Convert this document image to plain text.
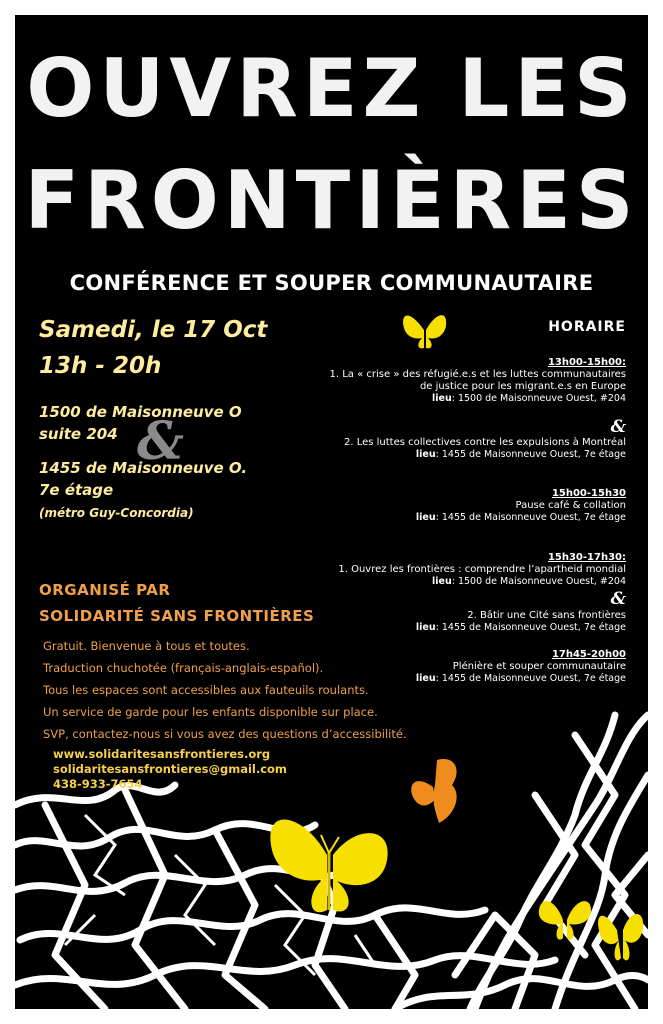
OUVREZ LES
FRONTIÈRES
CONFÉRENCE ET SOUPER COMMUNAUTAIRE
Samedi, le 17 Oct
13h - 20h
1500 de Maisonneuve O
suite 204 &
1455 de Maisonneuve O.
7e étage
(métro Guy-Concordia)
ORGANISÉ PAR
SOLIDARITÉ SANS FRONTIÈRES
Gratuit. Bienvenue à tous et toutes.
Traduction chuchotée (français-anglais-español).
Tous les espaces sont accessibles aux fauteuils roulants.
Un service de garde pour les enfants disponible sur place.
SVP, contactez-nous si vous avez des questions d’accessibilité.
www.solidaritesansfrontieres.org
solidaritesansfrontieres@gmail.com
438-933-7654
HORAIRE
13h00-15h00:
1. La « crise » des réfugié.e.s et les luttes communautaires
de justice pour les migrant.e.s en Europe
lieu: 1500 de Maisonneuve Ouest, #204
&
2. Les luttes collectives contre les expulsions à Montréal
lieu: 1455 de Maisonneuve Ouest, 7e étage
15h00-15h30
Pause café & collation
lieu: 1455 de Maisonneuve Ouest, 7e étage
15h30-17h30:
1. Ouvrez les frontières : comprendre l’apartheid mondial
lieu: 1500 de Maisonneuve Ouest, #204
&
2. Bâtir une Cité sans frontières
lieu: 1455 de Maisonneuve Ouest, 7e étage
17h45-20h00
Plénière et souper communautaire
lieu: 1455 de Maisonneuve Ouest, 7e étage
